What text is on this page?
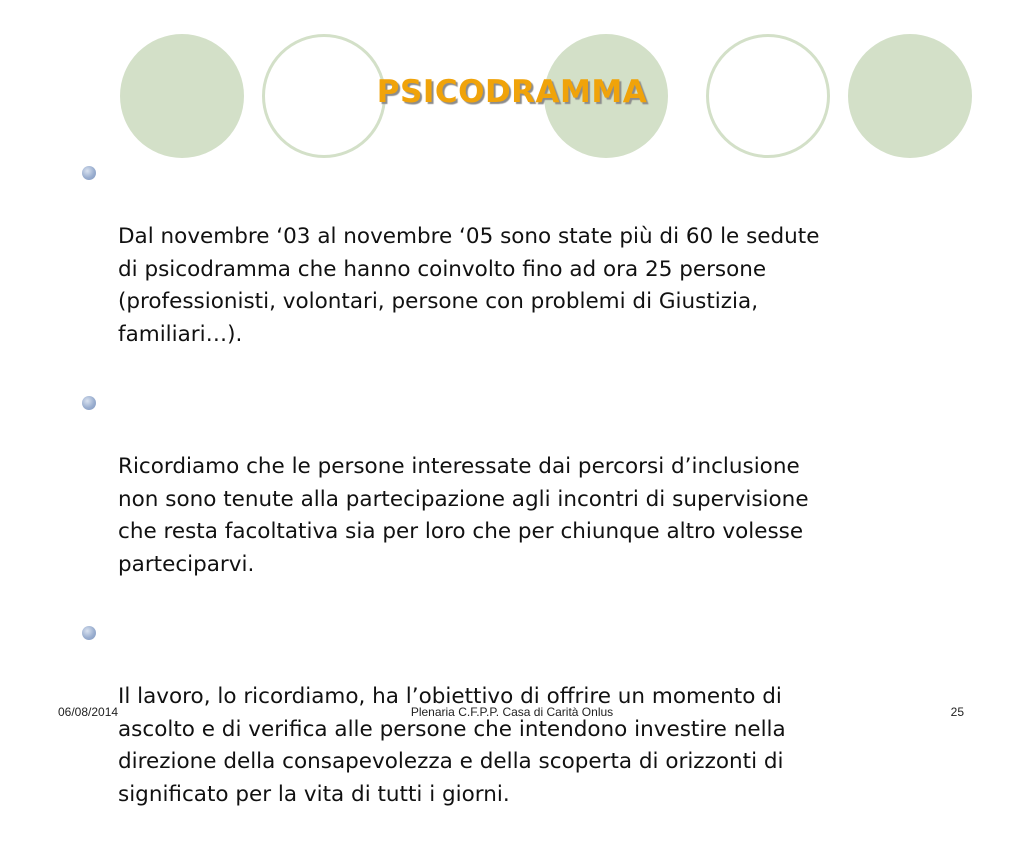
PSICODRAMMA

Dal novembre ‘03 al novembre ‘05 sono state più di 60 le sedute
di psicodramma che hanno coinvolto fino ad ora 25 persone
(professionisti, volontari, persone con problemi di Giustizia,
familiari…).

Ricordiamo che le persone interessate dai percorsi d’inclusione
non sono tenute alla partecipazione agli incontri di supervisione
che resta facoltativa sia per loro che per chiunque altro volesse
parteciparvi.

Il lavoro, lo ricordiamo, ha l’obiettivo di offrire un momento di
ascolto e di verifica alle persone che intendono investire nella
direzione della consapevolezza e della scoperta di orizzonti di
significato per la vita di tutti i giorni.

06/08/2014	Plenaria C.F.P.P. Casa di Carità Onlus	25
